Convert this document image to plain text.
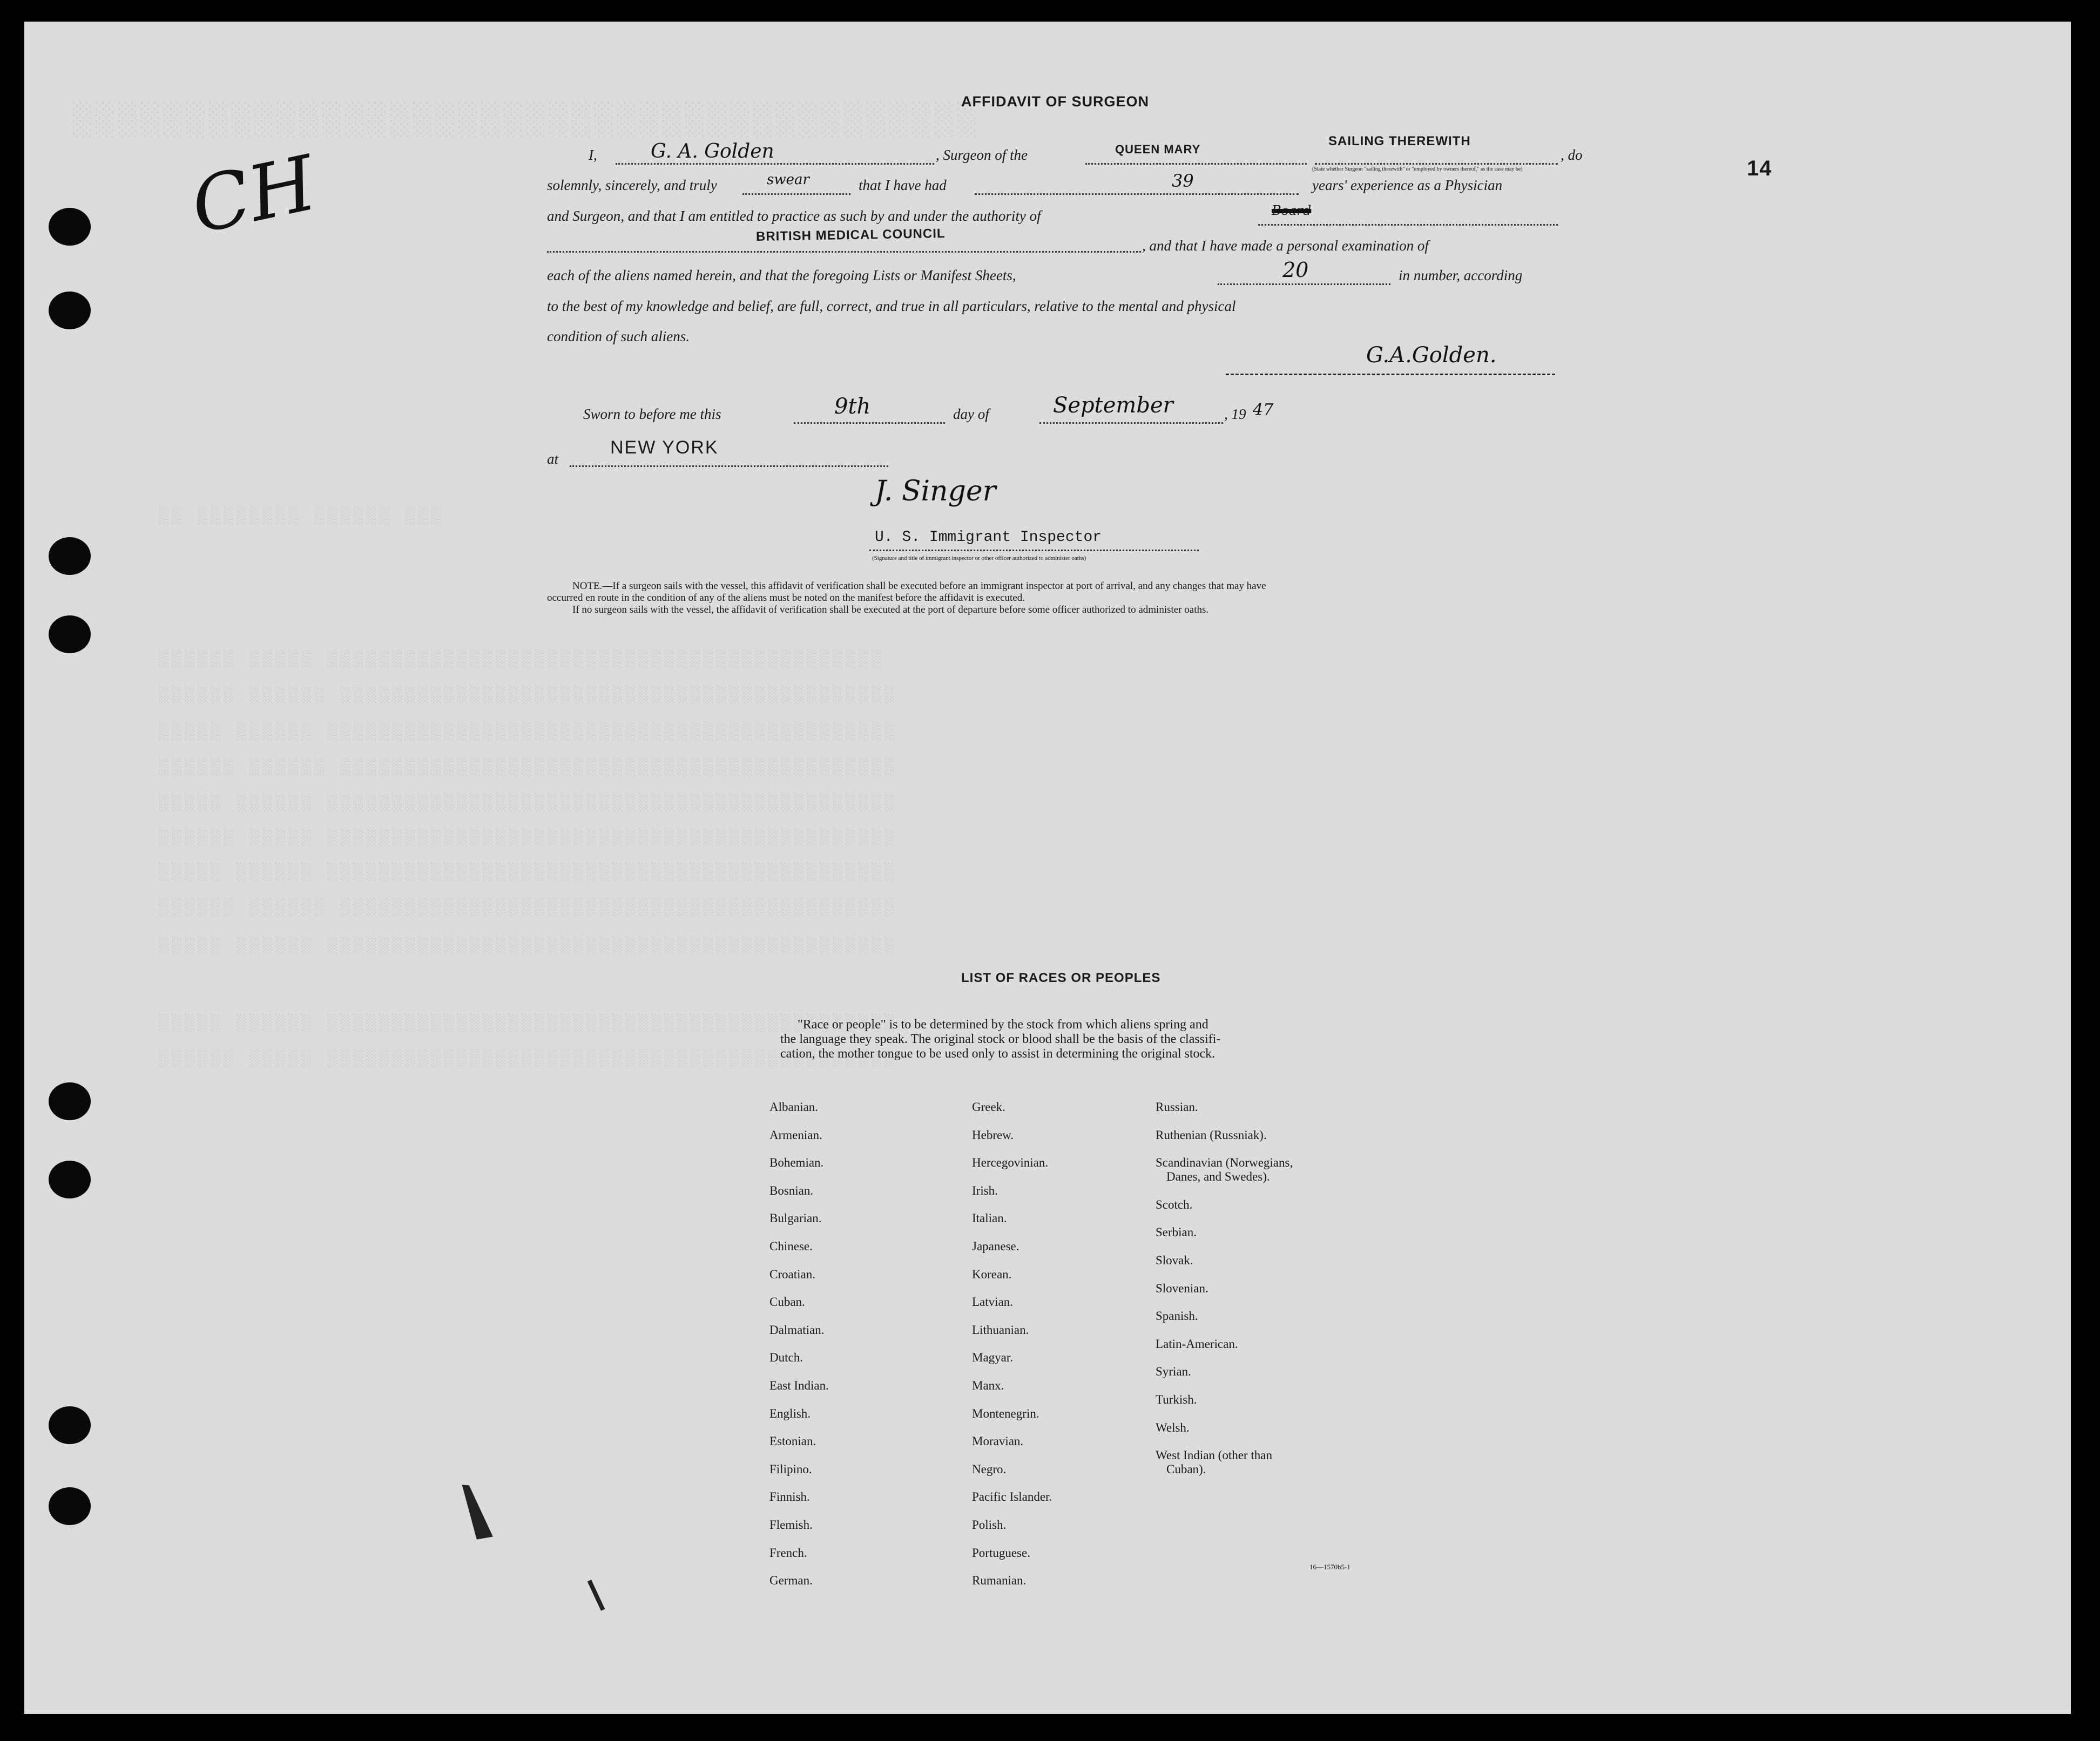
░░ ░░░░░░░░ ░░░░░░ ░░░
░░░░░░ ░░░░░ ░░░░░░░░░░░░░░░░░░░░░░░░░░░░░░░░░░░░░░░░░░░
░░░░░░ ░░░░░░ ░░░░░░░░░░░░░░░░░░░░░░░░░░░░░░░░░░░░░░░░░░░
░░░░░ ░░░░░░ ░░░░░░░░░░░░░░░░░░░░░░░░░░░░░░░░░░░░░░░░░░░░
░░░░░░ ░░░░░░ ░░░░░░░░░░░░░░░░░░░░░░░░░░░░░░░░░░░░░░░░░░░
░░░░░ ░░░░░░ ░░░░░░░░░░░░░░░░░░░░░░░░░░░░░░░░░░░░░░░░░░░░
░░░░░░ ░░░░░ ░░░░░░░░░░░░░░░░░░░░░░░░░░░░░░░░░░░░░░░░░░░░
░░░░░ ░░░░░░ ░░░░░░░░░░░░░░░░░░░░░░░░░░░░░░░░░░░░░░░░░░░░
░░░░░░ ░░░░░░ ░░░░░░░░░░░░░░░░░░░░░░░░░░░░░░░░░░░░░░░░░░░
░░░░░ ░░░░░░ ░░░░░░░░░░░░░░░░░░░░░░░░░░░░░░░░░░░░░░░░░░░░
░░░░░ ░░░░░░ ░░░░░░░░░░░░░░░░░░░░░░░░░░░░░░░░░░░░░░░░░░░░
░░░░░░ ░░░░░ ░░░░░░░░░░░░░░░░░░░░░░░░░░░░░░░░░░░░░░░░░░░░
░░░░░░░░░░░░░░░░░░░░░░░░░░░░░░░░░░░░░░░░
CH	14
AFFIDAVIT OF SURGEON
I,	G. A. Golden	, Surgeon of the	QUEEN MARY
SAILING THEREWITH
(State whether Surgeon "sailing therewith" or "employed by owners thereof," as the case may be)
, do
solemnly, sincerely, and truly	swear	that I have had	39	years' experience as a Physician
and Surgeon, and that I am entitled to practice as such by and under the authority of	Board
BRITISH MEDICAL COUNCIL
, and that I have made a personal examination of
each of the aliens named herein, and that the foregoing Lists or Manifest Sheets,	20	in number, according
to the best of my knowledge and belief, are full, correct, and true in all particulars, relative to the mental and physical
condition of such aliens.
G.A.Golden.
Sworn to before me this	9th	day of	September	, 19 47
at
NEW YORK
J. Singer
U. S. Immigrant Inspector
(Signature and title of immigrant inspector or other officer authorized to administer oaths)
NOTE.—If a surgeon sails with the vessel, this affidavit of verification shall be executed before an immigrant inspector at port of arrival, and any changes that may have
occurred en route in the condition of any of the aliens must be noted on the manifest before the affidavit is executed.
If no surgeon sails with the vessel, the affidavit of verification shall be executed at the port of departure before some officer authorized to administer oaths.
LIST OF RACES OR PEOPLES
"Race or people" is to be determined by the stock from which aliens spring and
the language they speak. The original stock or blood shall be the basis of the classifi-
cation, the mother tongue to be used only to assist in determining the original stock.
Albanian.
Armenian.
Bohemian.
Bosnian.
Bulgarian.
Chinese.
Croatian.
Cuban.
Dalmatian.
Dutch.
East Indian.
English.
Estonian.
Filipino.
Finnish.
Flemish.
French.
German.
Greek.
Hebrew.
Hercegovinian.
Irish.
Italian.
Japanese.
Korean.
Latvian.
Lithuanian.
Magyar.
Manx.
Montenegrin.
Moravian.
Negro.
Pacific Islander.
Polish.
Portuguese.
Rumanian.
Russian.
Ruthenian (Russniak).
Scandinavian (Norwegians,
Danes, and Swedes).
Scotch.
Serbian.
Slovak.
Slovenian.
Spanish.
Latin-American.
Syrian.
Turkish.
Welsh.
West Indian (other than
Cuban).
16—1570b5-1
